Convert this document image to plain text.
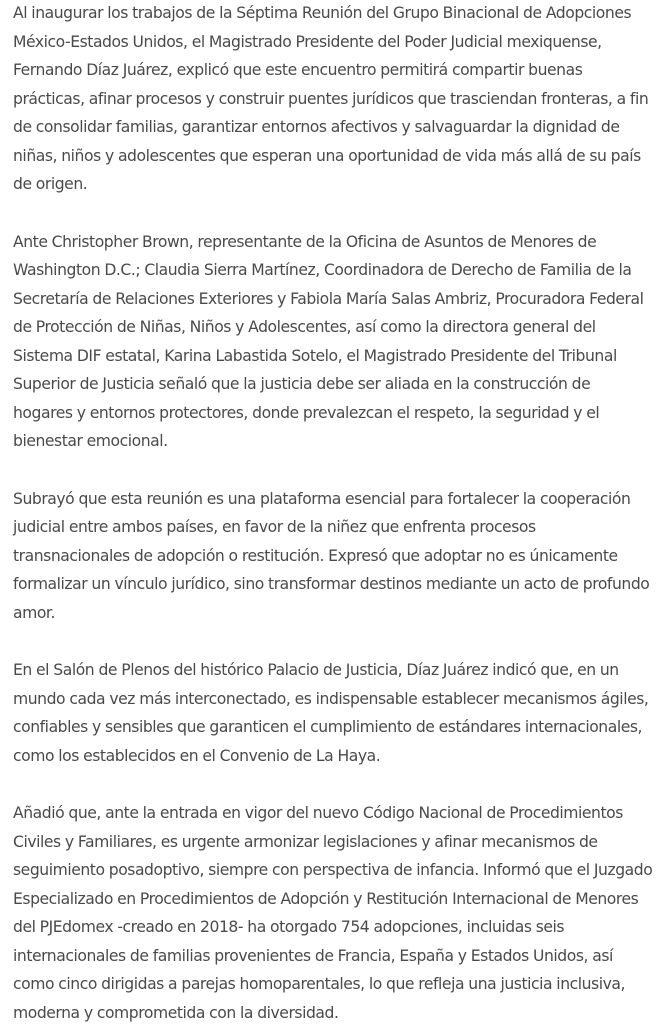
Al inaugurar los trabajos de la Séptima Reunión del Grupo Binacional de Adopciones México-Estados Unidos, el Magistrado Presidente del Poder Judicial mexiquense, Fernando Díaz Juárez, explicó que este encuentro permitirá compartir buenas prácticas, afinar procesos y construir puentes jurídicos que trasciendan fronteras, a fin de consolidar familias, garantizar entornos afectivos y salvaguardar la dignidad de niñas, niños y adolescentes que esperan una oportunidad de vida más allá de su país de origen.

Ante Christopher Brown, representante de la Oficina de Asuntos de Menores de Washington D.C.; Claudia Sierra Martínez, Coordinadora de Derecho de Familia de la Secretaría de Relaciones Exteriores y Fabiola María Salas Ambriz, Procuradora Federal de Protección de Niñas, Niños y Adolescentes, así como la directora general del Sistema DIF estatal, Karina Labastida Sotelo, el Magistrado Presidente del Tribunal Superior de Justicia señaló que la justicia debe ser aliada en la construcción de hogares y entornos protectores, donde prevalezcan el respeto, la seguridad y el bienestar emocional.

Subrayó que esta reunión es una plataforma esencial para fortalecer la cooperación judicial entre ambos países, en favor de la niñez que enfrenta procesos transnacionales de adopción o restitución. Expresó que adoptar no es únicamente formalizar un vínculo jurídico, sino transformar destinos mediante un acto de profundo amor.

En el Salón de Plenos del histórico Palacio de Justicia, Díaz Juárez indicó que, en un mundo cada vez más interconectado, es indispensable establecer mecanismos ágiles, confiables y sensibles que garanticen el cumplimiento de estándares internacionales, como los establecidos en el Convenio de La Haya.

Añadió que, ante la entrada en vigor del nuevo Código Nacional de Procedimientos Civiles y Familiares, es urgente armonizar legislaciones y afinar mecanismos de seguimiento posadoptivo, siempre con perspectiva de infancia. Informó que el Juzgado Especializado en Procedimientos de Adopción y Restitución Internacional de Menores del PJEdomex -creado en 2018- ha otorgado 754 adopciones, incluidas seis internacionales de familias provenientes de Francia, España y Estados Unidos, así como cinco dirigidas a parejas homoparentales, lo que refleja una justicia inclusiva, moderna y comprometida con la diversidad.
